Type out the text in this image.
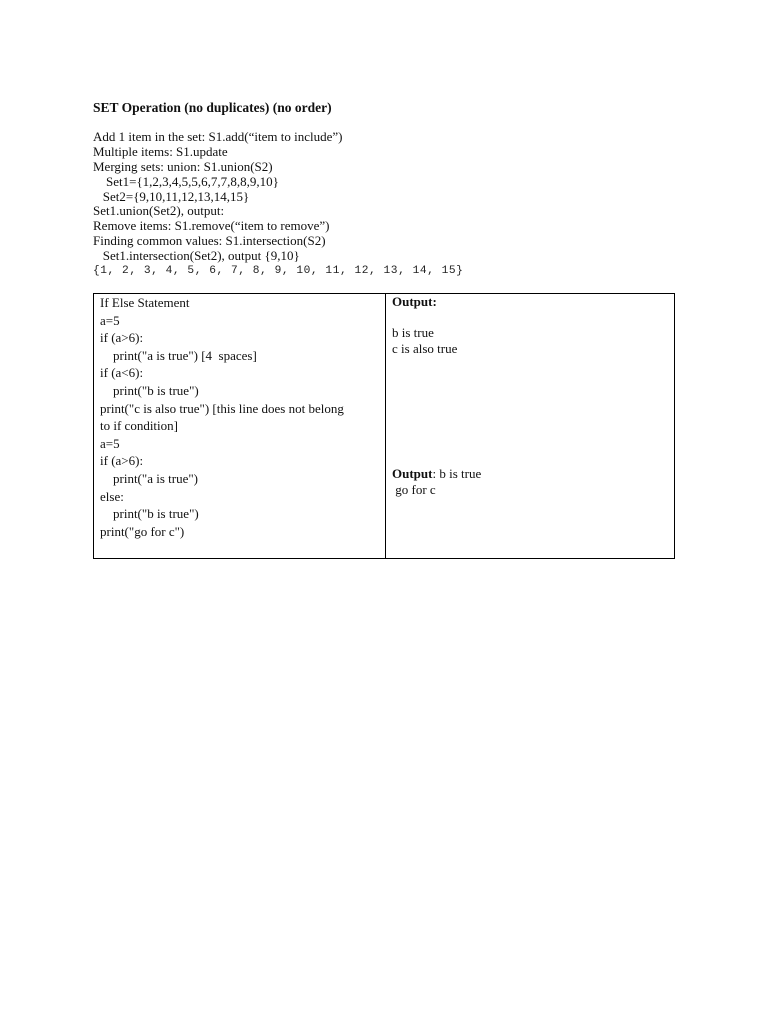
SET Operation (no duplicates) (no order)
Add 1 item in the set: S1.add(“item to include”)
Multiple items: S1.update
Merging sets: union: S1.union(S2)
Set1={1,2,3,4,5,5,6,7,7,8,8,9,10}
Set2={9,10,11,12,13,14,15}
Set1.union(Set2), output:
Remove items: S1.remove(“item to remove”)
Finding common values: S1.intersection(S2)
Set1.intersection(Set2), output {9,10}
{1, 2, 3, 4, 5, 6, 7, 8, 9, 10, 11, 12, 13, 14, 15}
If Else Statement
a=5
if (a>6):
print("a is true") [4  spaces]
if (a<6):
print("b is true")
print("c is also true") [this line does not belong
to if condition]
a=5
if (a>6):
print("a is true")
else:
print("b is true")
print("go for c")
Output:
b is true
c is also true
Output: b is true
go for c
